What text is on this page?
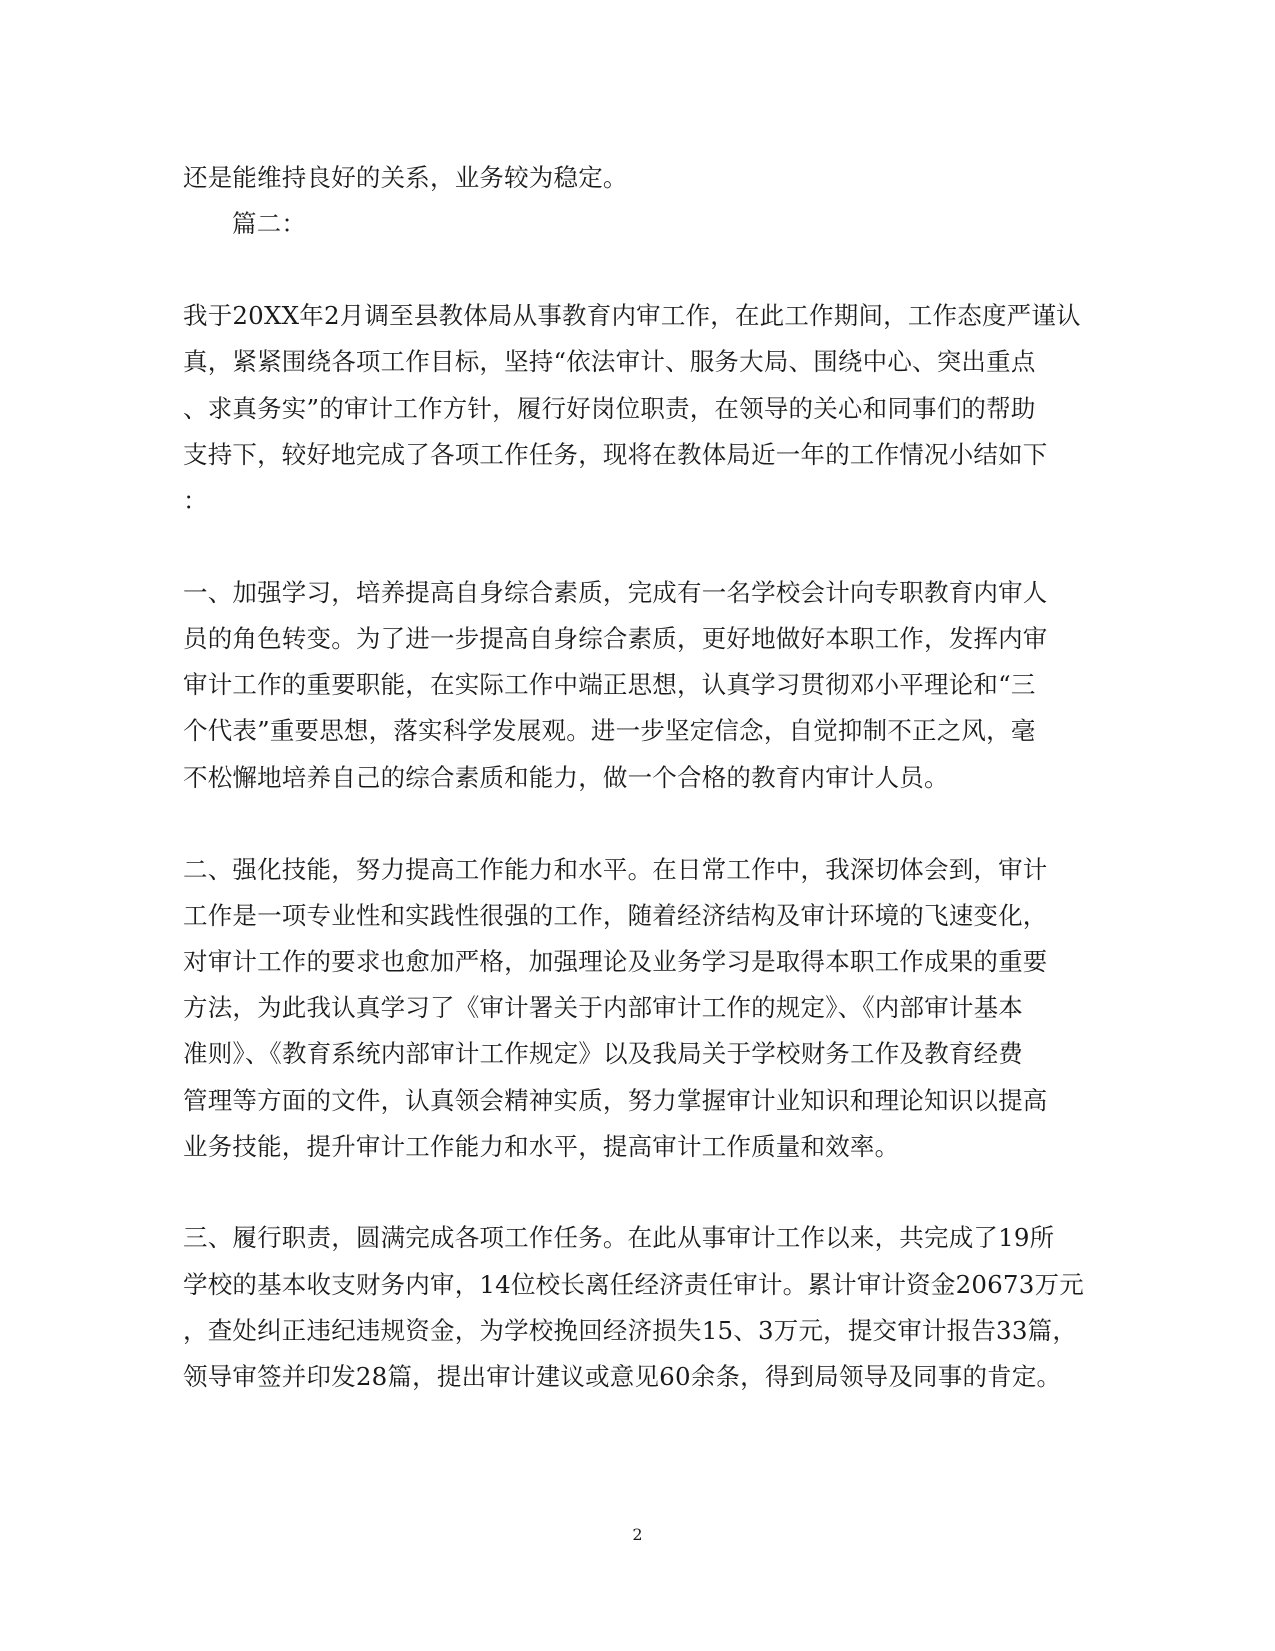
还是能维持良好的关系，业务较为稳定。
篇二：
我于20XX年2月调至县教体局从事教育内审工作，在此工作期间，工作态度严谨认
真，紧紧围绕各项工作目标，坚持“依法审计、服务大局、围绕中心、突出重点
、求真务实”的审计工作方针，履行好岗位职责，在领导的关心和同事们的帮助
支持下，较好地完成了各项工作任务，现将在教体局近一年的工作情况小结如下
：
一、加强学习，培养提高自身综合素质，完成有一名学校会计向专职教育内审人
员的角色转变。为了进一步提高自身综合素质，更好地做好本职工作，发挥内审
审计工作的重要职能，在实际工作中端正思想，认真学习贯彻邓小平理论和“三
个代表”重要思想，落实科学发展观。进一步坚定信念，自觉抑制不正之风，毫
不松懈地培养自己的综合素质和能力，做一个合格的教育内审计人员。
二、强化技能，努力提高工作能力和水平。在日常工作中，我深切体会到，审计
工作是一项专业性和实践性很强的工作，随着经济结构及审计环境的飞速变化，
对审计工作的要求也愈加严格，加强理论及业务学习是取得本职工作成果的重要
方法，为此我认真学习了《审计署关于内部审计工作的规定》、《内部审计基本
准则》、《教育系统内部审计工作规定》以及我局关于学校财务工作及教育经费
管理等方面的文件，认真领会精神实质，努力掌握审计业知识和理论知识以提高
业务技能，提升审计工作能力和水平，提高审计工作质量和效率。
三、履行职责，圆满完成各项工作任务。在此从事审计工作以来，共完成了19所
学校的基本收支财务内审，14位校长离任经济责任审计。累计审计资金20673万元
，查处纠正违纪违规资金，为学校挽回经济损失15、3万元，提交审计报告33篇，
领导审签并印发28篇，提出审计建议或意见60余条，得到局领导及同事的肯定。
2
